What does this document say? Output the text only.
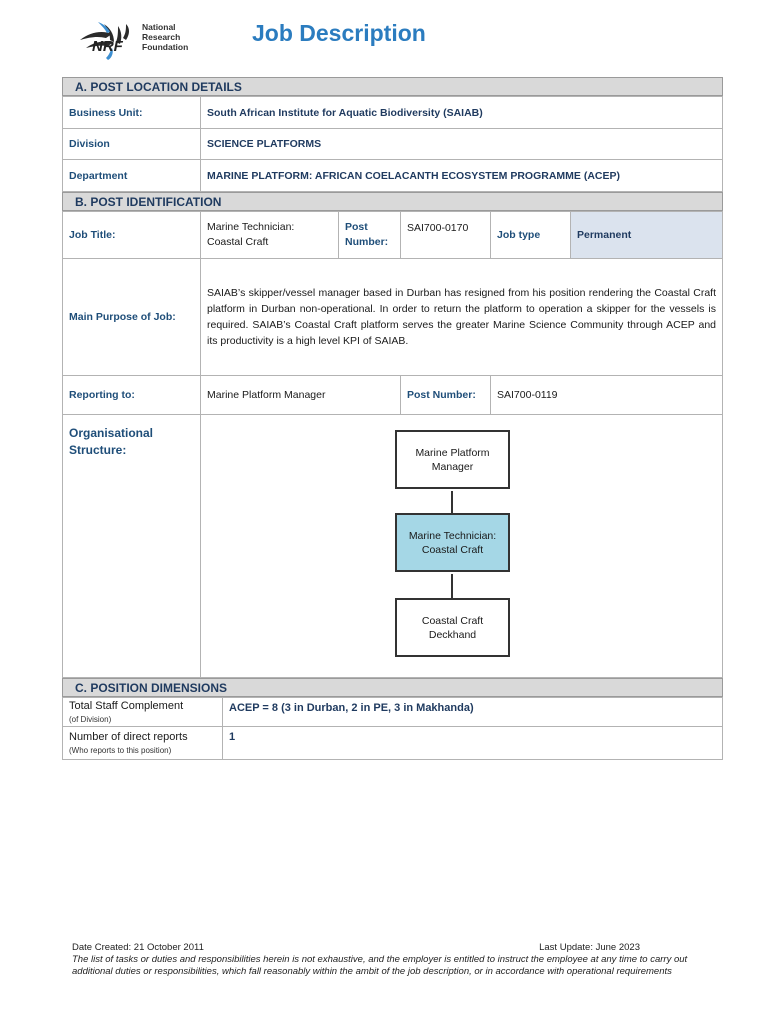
National
Research
Foundation
NRF
Job Description
A. POST LOCATION DETAILS
Business Unit:	South African Institute for Aquatic Biodiversity (SAIAB)
Division	SCIENCE PLATFORMS
Department	MARINE PLATFORM: AFRICAN COELACANTH ECOSYSTEM PROGRAMME (ACEP)
B. POST IDENTIFICATION
Job Title:	Marine Technician: Coastal Craft	Post Number:	SAI700-0170	Job type	Permanent
Main Purpose of Job:	SAIAB’s skipper/vessel manager based in Durban has resigned from his position rendering the Coastal Craft platform in Durban non-operational. In order to return the platform to operation a skipper for the vessels is required. SAIAB’s Coastal Craft platform serves the greater Marine Science Community through ACEP and its productivity is a high level KPI of SAIAB.				
Reporting to:	Marine Platform Manager		Post Number:	SAI700-0119	
Organisational Structure:	Marine Platform Manager
Marine Technician: Coastal Craft
Coastal Craft Deckhand				
C. POSITION DIMENSIONS
Total Staff Complement
(of Division)	ACEP = 8 (3 in Durban, 2 in PE, 3 in Makhanda)

Number of direct reports
(Who reports to this position)	1
Date Created: 21 October 2011	Last Update: June 2023
The list of tasks or duties and responsibilities herein is not exhaustive, and the employer is entitled to instruct the employee at any time to carry out additional duties or responsibilities, which fall reasonably within the ambit of the job description, or in accordance with operational requirements
